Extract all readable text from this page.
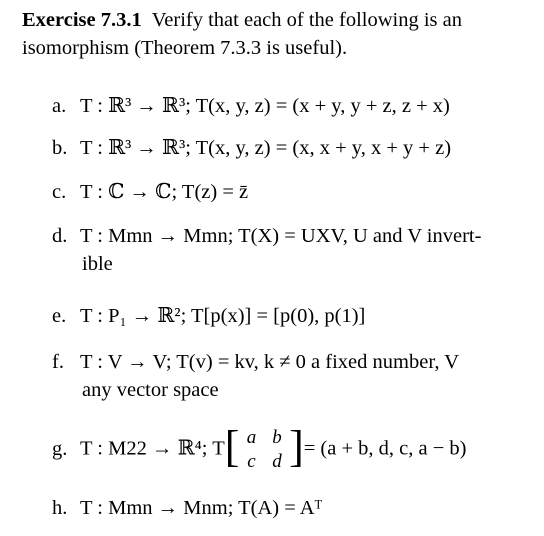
Exercise 7.3.1 Verify that each of the following is an isomorphism (Theorem 7.3.3 is useful).

a. T : ℝ³ → ℝ³; T(x, y, z) = (x + y, y + z, z + x)
b. T : ℝ³ → ℝ³; T(x, y, z) = (x, x + y, x + y + z)
c. T : ℂ → ℂ; T(z) = z̄
d. T : Mmn → Mmn; T(X) = UXV, U and V invert-
ible
e. T : P₁ → ℝ²; T[p(x)] = [p(0), p(1)]
f. T : V → V; T(v) = kv, k ≠ 0 a fixed number, V
any vector space
g. T : M22 → ℝ⁴; T [ a	b
c	d ] = (a + b, d, c, a − b)
h. T : Mmn → Mnm; T(A) = Aᵀ
